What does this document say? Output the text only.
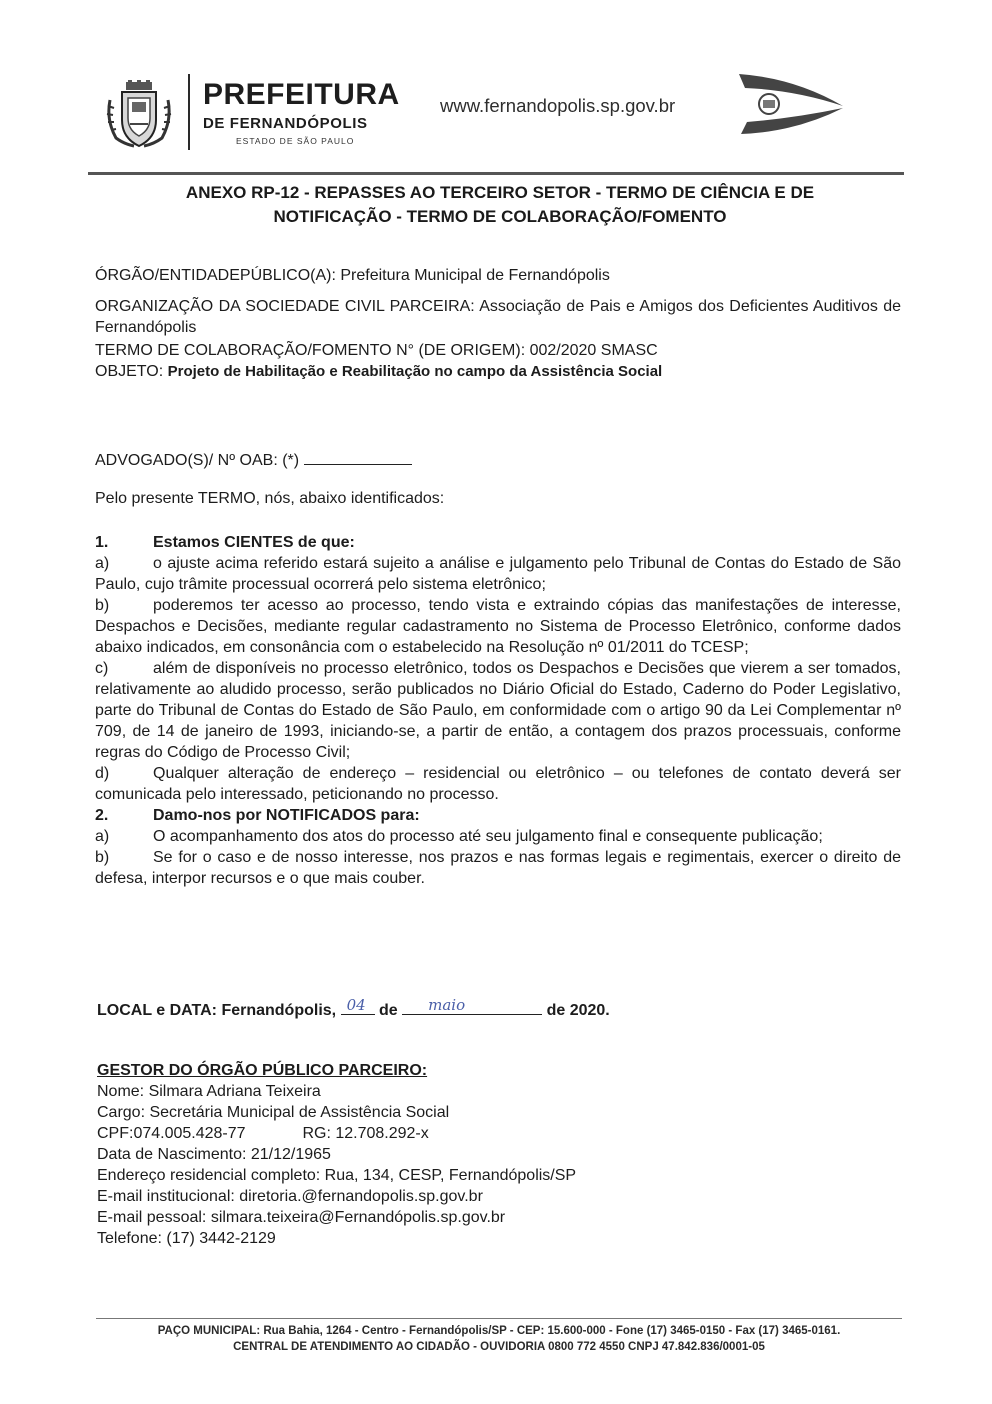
PREFEITURA
DE FERNANDÓPOLIS
ESTADO DE SÃO PAULO
www.fernandopolis.sp.gov.br
ANEXO RP-12 - REPASSES AO TERCEIRO SETOR - TERMO DE CIÊNCIA E DE
NOTIFICAÇÃO - TERMO DE COLABORAÇÃO/FOMENTO
ÓRGÃO/ENTIDADEPÚBLICO(A): Prefeitura Municipal de Fernandópolis
ORGANIZAÇÃO DA SOCIEDADE CIVIL PARCEIRA: Associação de Pais e Amigos dos Deficientes Auditivos de Fernandópolis
TERMO DE COLABORAÇÃO/FOMENTO N° (DE ORIGEM): 002/2020 SMASC
OBJETO: Projeto de Habilitação e Reabilitação no campo da Assistência Social
ADVOGADO(S)/ Nº OAB: (*)
Pelo presente TERMO, nós, abaixo identificados:
1.	Estamos CIENTES de que:
a)	o ajuste acima referido estará sujeito a análise e julgamento pelo Tribunal de Contas do Estado de São Paulo, cujo trâmite processual ocorrerá pelo sistema eletrônico;
b)	poderemos ter acesso ao processo, tendo vista e extraindo cópias das manifestações de interesse, Despachos e Decisões, mediante regular cadastramento no Sistema de Processo Eletrônico, conforme dados abaixo indicados, em consonância com o estabelecido na Resolução nº 01/2011 do TCESP;
c)	além de disponíveis no processo eletrônico, todos os Despachos e Decisões que vierem a ser tomados, relativamente ao aludido processo, serão publicados no Diário Oficial do Estado, Caderno do Poder Legislativo, parte do Tribunal de Contas do Estado de São Paulo, em conformidade com o artigo 90 da Lei Complementar nº 709, de 14 de janeiro de 1993, iniciando-se, a partir de então, a contagem dos prazos processuais, conforme regras do Código de Processo Civil;
d)	Qualquer alteração de endereço – residencial ou eletrônico – ou telefones de contato deverá ser comunicada pelo interessado, peticionando no processo.
2.	Damo-nos por NOTIFICADOS para:
a)	O acompanhamento dos atos do processo até seu julgamento final e consequente publicação;
b)	Se for o caso e de nosso interesse, nos prazos e nas formas legais e regimentais, exercer o direito de defesa, interpor recursos e o que mais couber.
LOCAL e DATA: Fernandópolis, 04 de maio	de 2020.
GESTOR DO ÓRGÃO PÚBLICO PARCEIRO:
Nome: Silmara Adriana Teixeira
Cargo: Secretária Municipal de Assistência Social
CPF:074.005.428-77	RG: 12.708.292-x
Data de Nascimento: 21/12/1965
Endereço residencial completo: Rua, 134, CESP, Fernandópolis/SP
E-mail institucional: diretoria.@fernandopolis.sp.gov.br
E-mail pessoal: silmara.teixeira@Fernandópolis.sp.gov.br
Telefone: (17) 3442-2129
PAÇO MUNICIPAL: Rua Bahia, 1264 - Centro - Fernandópolis/SP - CEP: 15.600-000 - Fone (17) 3465-0150 - Fax (17) 3465-0161.
CENTRAL DE ATENDIMENTO AO CIDADÃO - OUVIDORIA 0800 772 4550 CNPJ 47.842.836/0001-05
